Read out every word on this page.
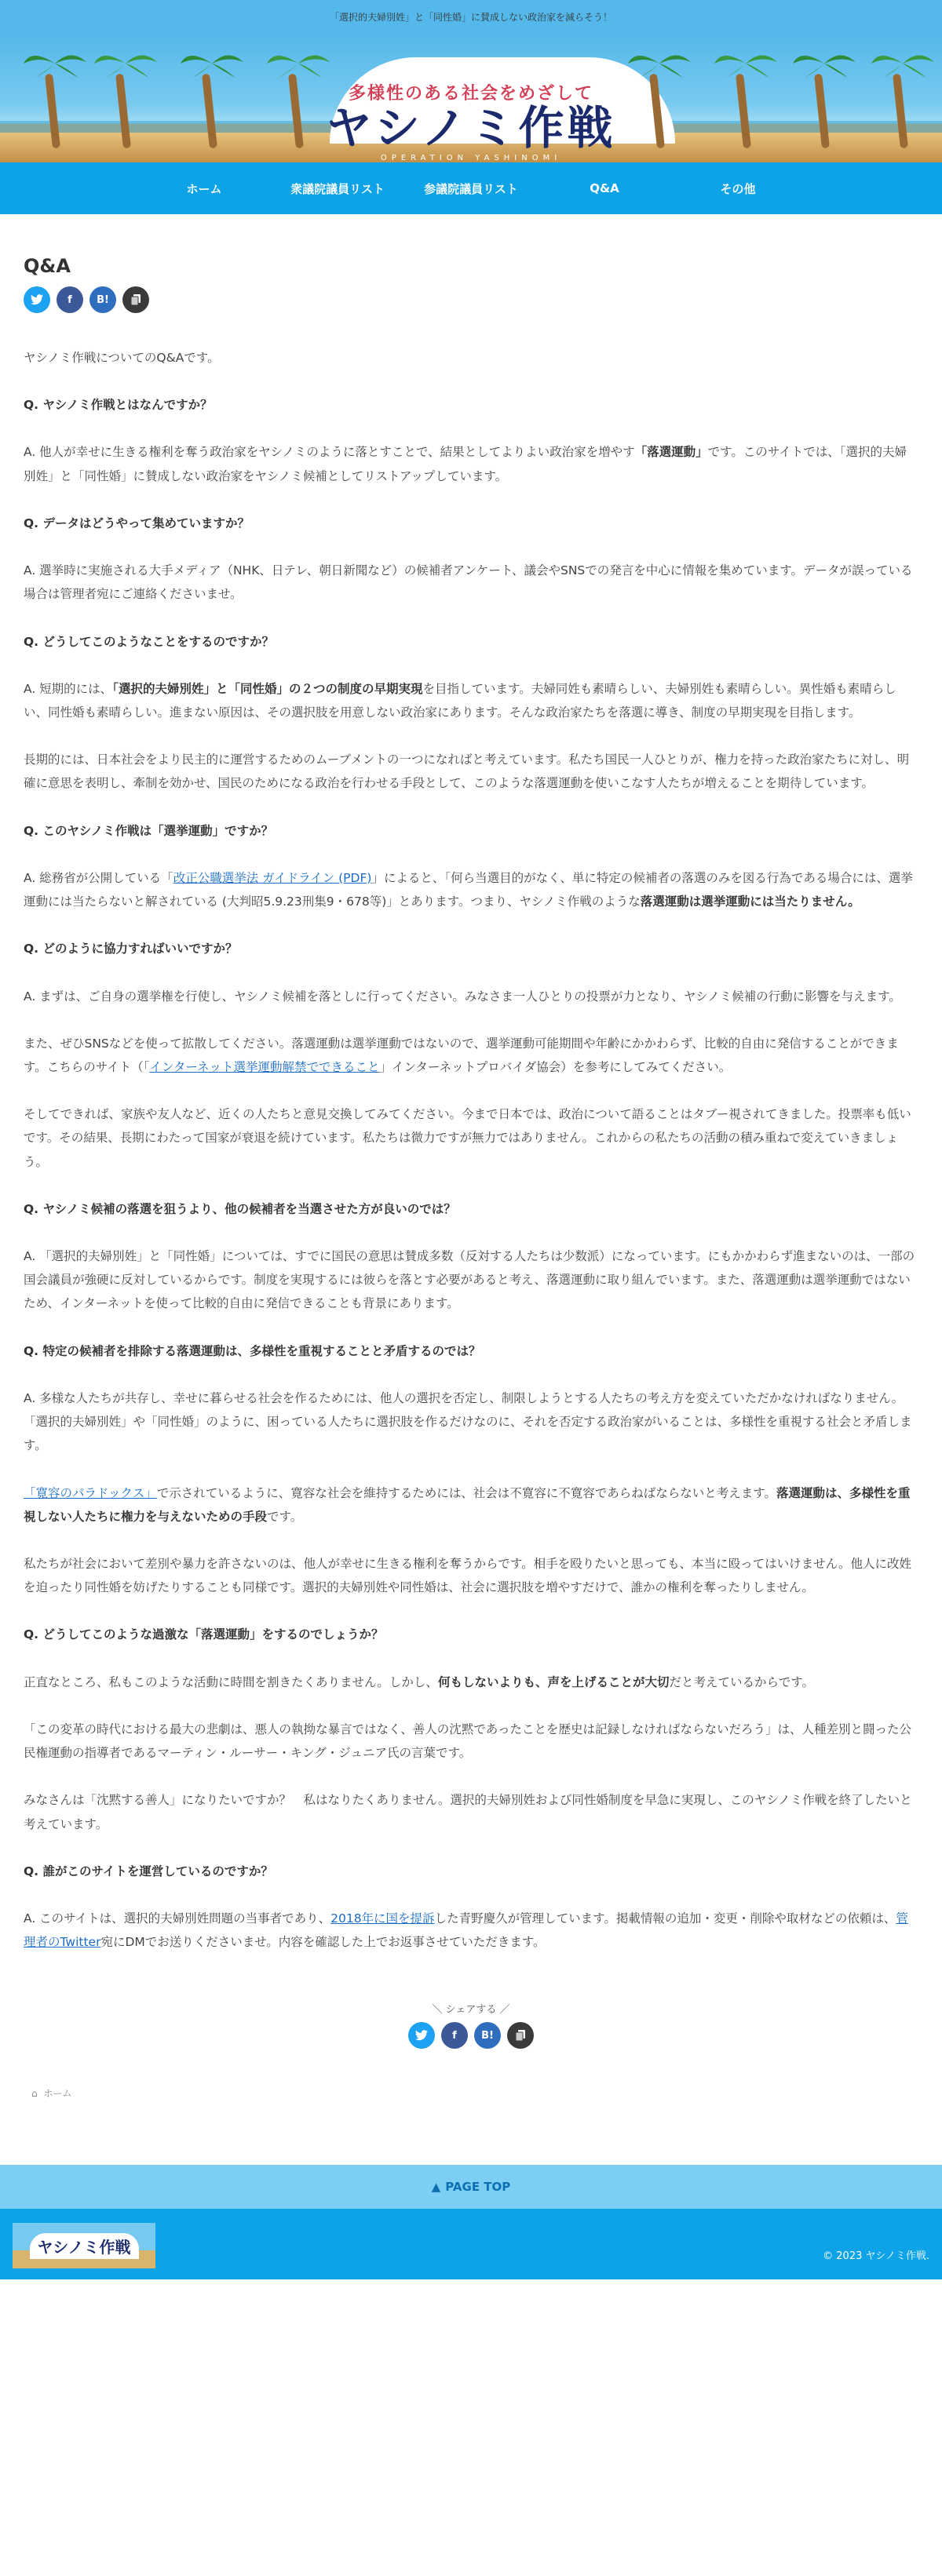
「選択的夫婦別姓」と「同性婚」に賛成しない政治家を減らそう！
多様性のある社会をめざして
ヤシノミ作戦
OPERATION YASHINOMI
ホーム	衆議院議員リスト	参議院議員リスト	Q&A	その他
Q&A
f	B!

ヤシノミ作戦についてのQ&Aです。

Q. ヤシノミ作戦とはなんですか？

A. 他人が幸せに生きる権利を奪う政治家をヤシノミのように落とすことで、結果としてよりよい政治家を増やす「落選運動」です。このサイトでは、「選択的夫婦別姓」と「同性婚」に賛成しない政治家をヤシノミ候補としてリストアップしています。

Q. データはどうやって集めていますか？

A. 選挙時に実施される大手メディア（NHK、日テレ、朝日新聞など）の候補者アンケート、議会やSNSでの発言を中心に情報を集めています。データが誤っている場合は管理者宛にご連絡くださいませ。

Q. どうしてこのようなことをするのですか？

A. 短期的には、「選択的夫婦別姓」と「同性婚」の２つの制度の早期実現を目指しています。夫婦同姓も素晴らしい、夫婦別姓も素晴らしい。異性婚も素晴らしい、同性婚も素晴らしい。進まない原因は、その選択肢を用意しない政治家にあります。そんな政治家たちを落選に導き、制度の早期実現を目指します。

長期的には、日本社会をより民主的に運営するためのムーブメントの一つになればと考えています。私たち国民一人ひとりが、権力を持った政治家たちに対し、明確に意思を表明し、牽制を効かせ、国民のためになる政治を行わせる手段として、このような落選運動を使いこなす人たちが増えることを期待しています。

Q. このヤシノミ作戦は「選挙運動」ですか？

A. 総務省が公開している「改正公職選挙法 ガイドライン (PDF)」によると、「何ら当選目的がなく、単に特定の候補者の落選のみを図る行為である場合には、選挙運動には当たらないと解されている (大判昭5.9.23刑集9・678等)」とあります。つまり、ヤシノミ作戦のような落選運動は選挙運動には当たりません。

Q. どのように協力すればいいですか？

A. まずは、ご自身の選挙権を行使し、ヤシノミ候補を落としに行ってください。みなさま一人ひとりの投票が力となり、ヤシノミ候補の行動に影響を与えます。

また、ぜひSNSなどを使って拡散してください。落選運動は選挙運動ではないので、選挙運動可能期間や年齢にかかわらず、比較的自由に発信することができます。こちらのサイト（「インターネット選挙運動解禁でできること」インターネットプロバイダ協会）を参考にしてみてください。

そしてできれば、家族や友人など、近くの人たちと意見交換してみてください。今まで日本では、政治について語ることはタブー視されてきました。投票率も低いです。その結果、長期にわたって国家が衰退を続けています。私たちは微力ですが無力ではありません。これからの私たちの活動の積み重ねで変えていきましょう。

Q. ヤシノミ候補の落選を狙うより、他の候補者を当選させた方が良いのでは？

A. 「選択的夫婦別姓」と「同性婚」については、すでに国民の意思は賛成多数（反対する人たちは少数派）になっています。にもかかわらず進まないのは、一部の国会議員が強硬に反対しているからです。制度を実現するには彼らを落とす必要があると考え、落選運動に取り組んでいます。また、落選運動は選挙運動ではないため、インターネットを使って比較的自由に発信できることも背景にあります。

Q. 特定の候補者を排除する落選運動は、多様性を重視することと矛盾するのでは？

A. 多様な人たちが共存し、幸せに暮らせる社会を作るためには、他人の選択を否定し、制限しようとする人たちの考え方を変えていただかなければなりません。「選択的夫婦別姓」や「同性婚」のように、困っている人たちに選択肢を作るだけなのに、それを否定する政治家がいることは、多様性を重視する社会と矛盾します。

「寛容のパラドックス」で示されているように、寛容な社会を維持するためには、社会は不寛容に不寛容であらねばならないと考えます。落選運動は、多様性を重視しない人たちに権力を与えないための手段です。

私たちが社会において差別や暴力を許さないのは、他人が幸せに生きる権利を奪うからです。相手を殴りたいと思っても、本当に殴ってはいけません。他人に改姓を迫ったり同性婚を妨げたりすることも同様です。選択的夫婦別姓や同性婚は、社会に選択肢を増やすだけで、誰かの権利を奪ったりしません。

Q. どうしてこのような過激な「落選運動」をするのでしょうか？

正直なところ、私もこのような活動に時間を割きたくありません。しかし、何もしないよりも、声を上げることが大切だと考えているからです。

「この変革の時代における最大の悲劇は、悪人の執拗な暴言ではなく、善人の沈黙であったことを歴史は記録しなければならないだろう」は、人種差別と闘った公民権運動の指導者であるマーティン・ルーサー・キング・ジュニア氏の言葉です。

みなさんは「沈黙する善人」になりたいですか？　私はなりたくありません。選択的夫婦別姓および同性婚制度を早急に実現し、このヤシノミ作戦を終了したいと考えています。

Q. 誰がこのサイトを運営しているのですか？

A. このサイトは、選択的夫婦別姓問題の当事者であり、2018年に国を提訴した青野慶久が管理しています。掲載情報の追加・変更・削除や取材などの依頼は、管理者のTwitter宛にDMでお送りくださいませ。内容を確認した上でお返事させていただきます。

＼ シェアする ／
f	B!
⌂ ホーム
▲ PAGE TOP
ヤシノミ作戦	© 2023 ヤシノミ作戦.
